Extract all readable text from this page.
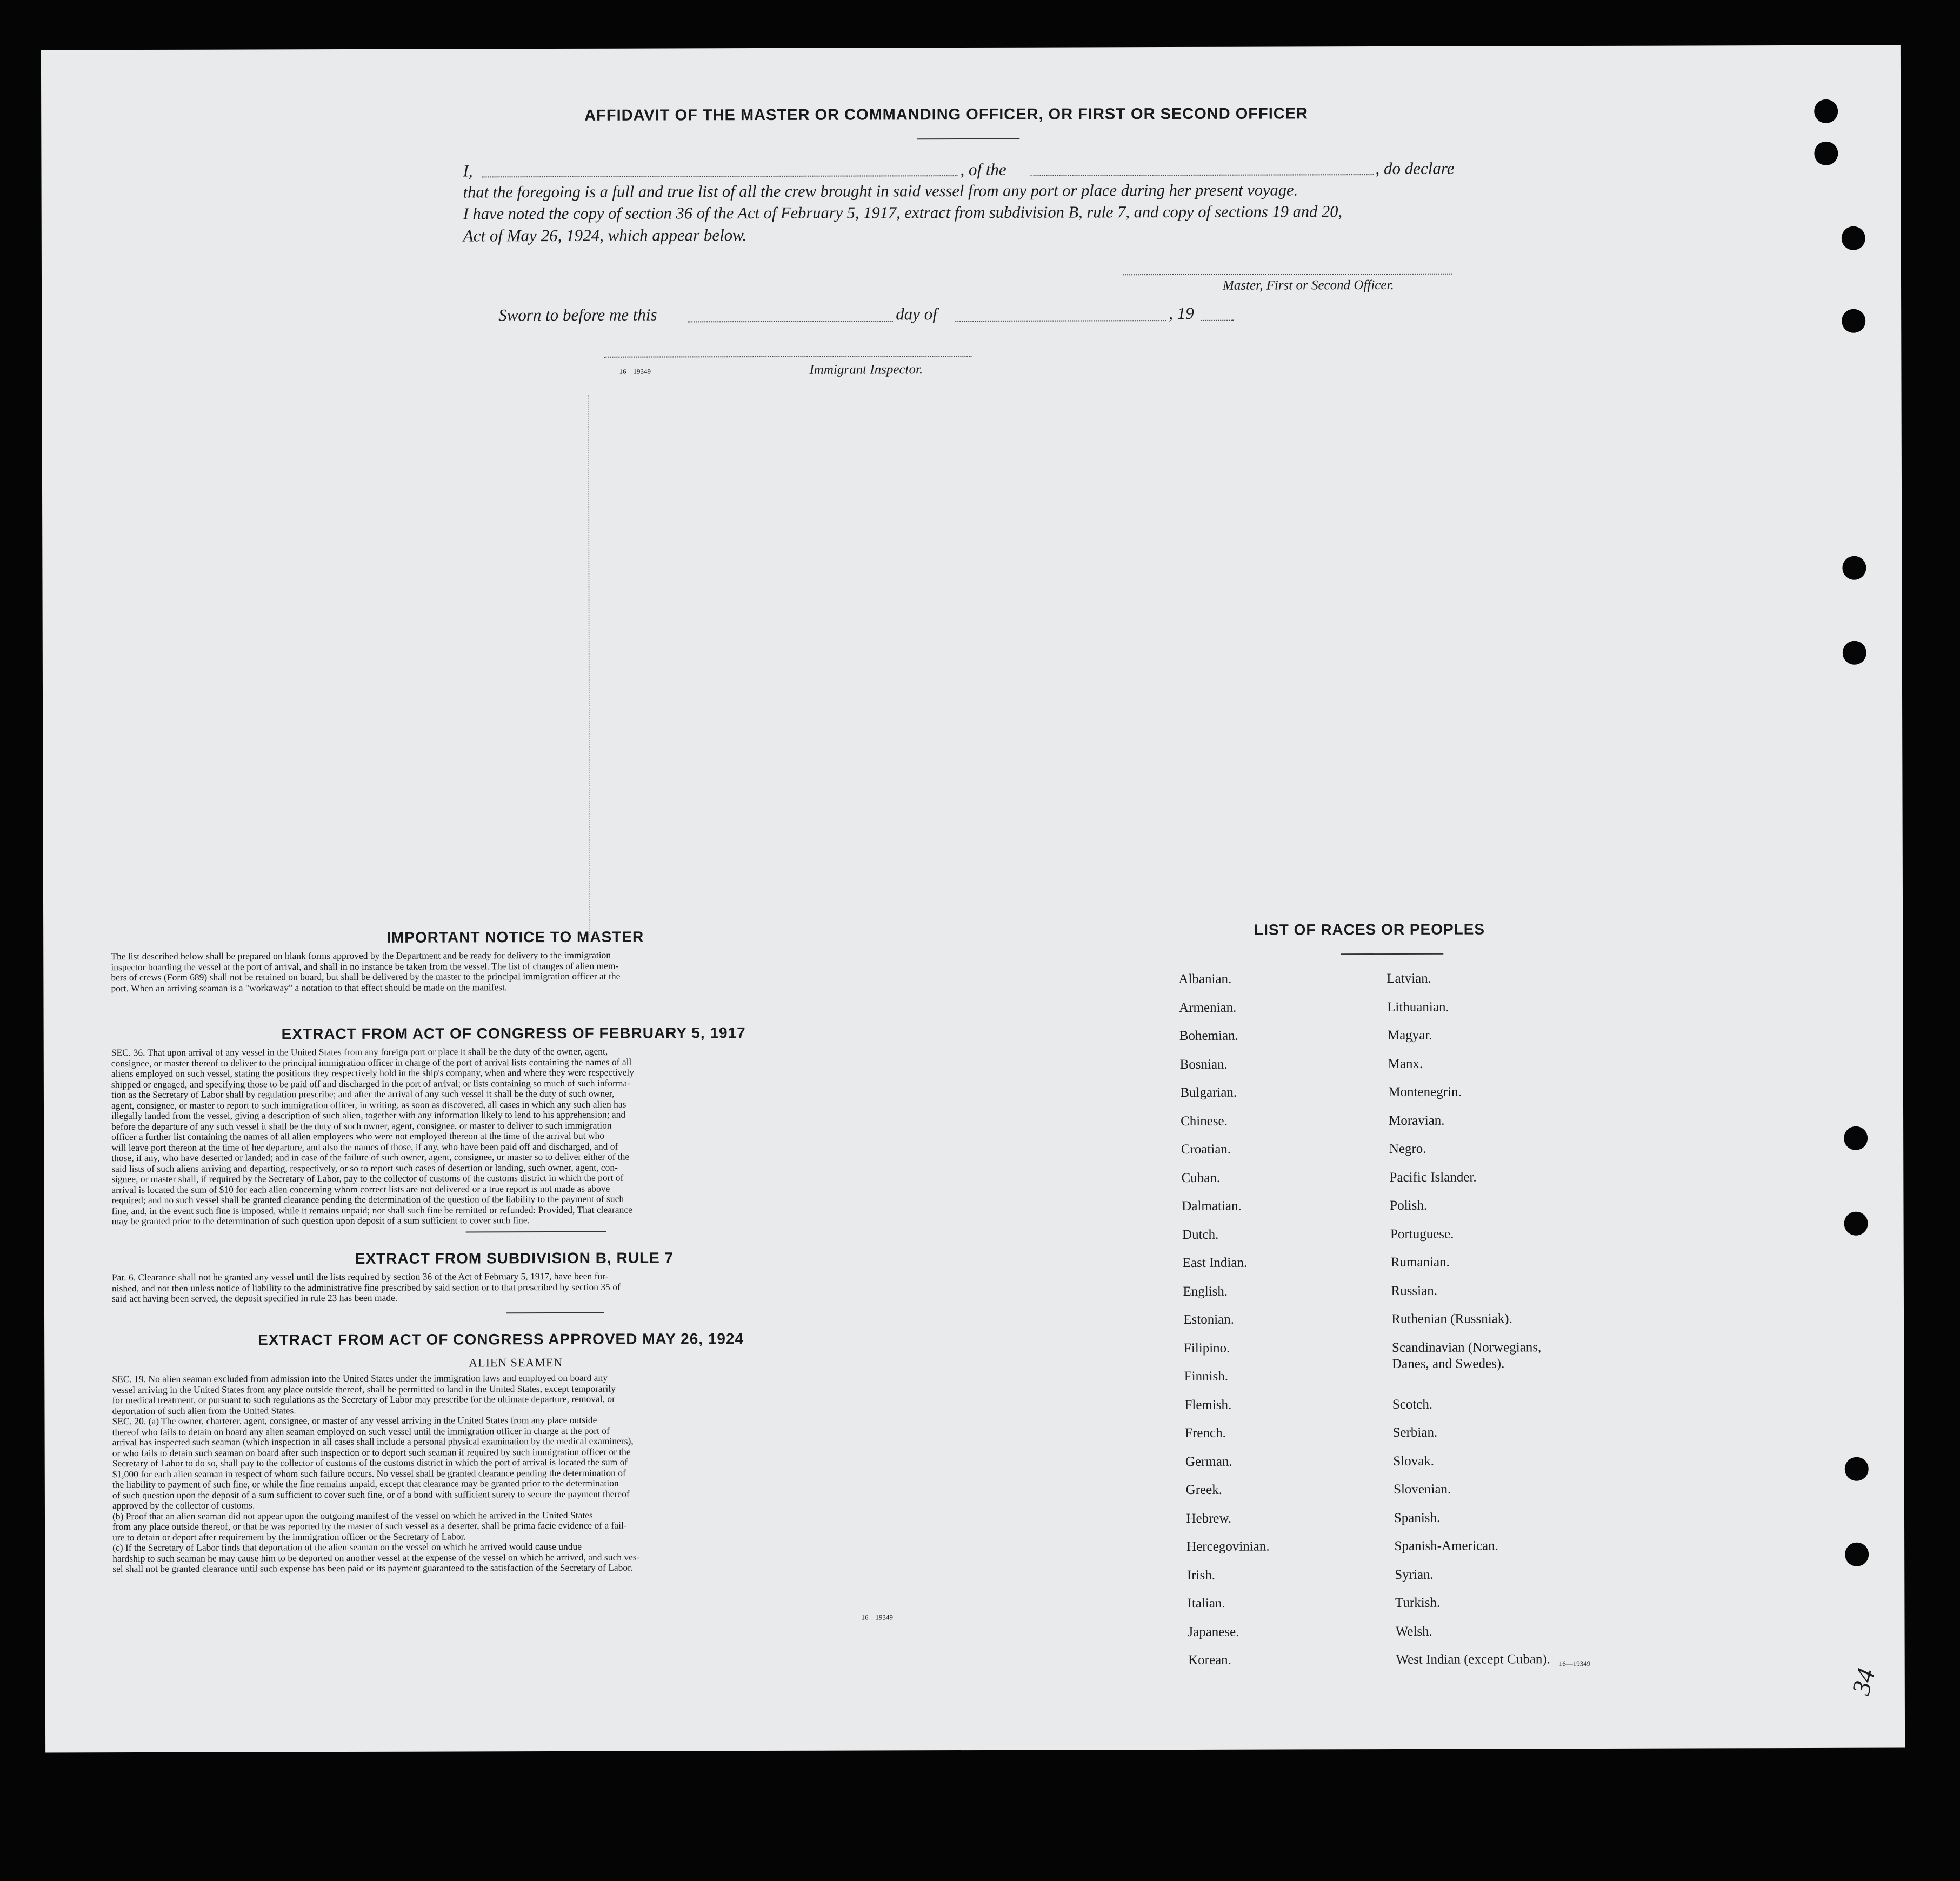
AFFIDAVIT OF THE MASTER OR COMMANDING OFFICER, OR FIRST OR SECOND OFFICER
I,	, of the	, do declare
that the foregoing is a full and true list of all the crew brought in said vessel from any port or place during her present voyage.
I have noted the copy of section 36 of the Act of February 5, 1917, extract from subdivision B, rule 7, and copy of sections 19 and 20,
Act of May 26, 1924, which appear below.
Master, First or Second Officer.
Sworn to before me this	day of	, 19
16—19349	Immigrant Inspector.
IMPORTANT NOTICE TO MASTER
The list described below shall be prepared on blank forms approved by the Department and be ready for delivery to the immigration
inspector boarding the vessel at the port of arrival, and shall in no instance be taken from the vessel. The list of changes of alien mem-
bers of crews (Form 689) shall not be retained on board, but shall be delivered by the master to the principal immigration officer at the
port. When an arriving seaman is a "workaway" a notation to that effect should be made on the manifest.
EXTRACT FROM ACT OF CONGRESS OF FEBRUARY 5, 1917
SEC. 36. That upon arrival of any vessel in the United States from any foreign port or place it shall be the duty of the owner, agent,
consignee, or master thereof to deliver to the principal immigration officer in charge of the port of arrival lists containing the names of all
aliens employed on such vessel, stating the positions they respectively hold in the ship's company, when and where they were respectively
shipped or engaged, and specifying those to be paid off and discharged in the port of arrival; or lists containing so much of such informa-
tion as the Secretary of Labor shall by regulation prescribe; and after the arrival of any such vessel it shall be the duty of such owner,
agent, consignee, or master to report to such immigration officer, in writing, as soon as discovered, all cases in which any such alien has
illegally landed from the vessel, giving a description of such alien, together with any information likely to lend to his apprehension; and
before the departure of any such vessel it shall be the duty of such owner, agent, consignee, or master to deliver to such immigration
officer a further list containing the names of all alien employees who were not employed thereon at the time of the arrival but who
will leave port thereon at the time of her departure, and also the names of those, if any, who have been paid off and discharged, and of
those, if any, who have deserted or landed; and in case of the failure of such owner, agent, consignee, or master so to deliver either of the
said lists of such aliens arriving and departing, respectively, or so to report such cases of desertion or landing, such owner, agent, con-
signee, or master shall, if required by the Secretary of Labor, pay to the collector of customs of the customs district in which the port of
arrival is located the sum of $10 for each alien concerning whom correct lists are not delivered or a true report is not made as above
required; and no such vessel shall be granted clearance pending the determination of the question of the liability to the payment of such
fine, and, in the event such fine is imposed, while it remains unpaid; nor shall such fine be remitted or refunded: Provided, That clearance
may be granted prior to the determination of such question upon deposit of a sum sufficient to cover such fine.
EXTRACT FROM SUBDIVISION B, RULE 7
Par. 6. Clearance shall not be granted any vessel until the lists required by section 36 of the Act of February 5, 1917, have been fur-
nished, and not then unless notice of liability to the administrative fine prescribed by said section or to that prescribed by section 35 of
said act having been served, the deposit specified in rule 23 has been made.
EXTRACT FROM ACT OF CONGRESS APPROVED MAY 26, 1924
ALIEN SEAMEN
SEC. 19. No alien seaman excluded from admission into the United States under the immigration laws and employed on board any
vessel arriving in the United States from any place outside thereof, shall be permitted to land in the United States, except temporarily
for medical treatment, or pursuant to such regulations as the Secretary of Labor may prescribe for the ultimate departure, removal, or
deportation of such alien from the United States.
SEC. 20. (a) The owner, charterer, agent, consignee, or master of any vessel arriving in the United States from any place outside
thereof who fails to detain on board any alien seaman employed on such vessel until the immigration officer in charge at the port of
arrival has inspected such seaman (which inspection in all cases shall include a personal physical examination by the medical examiners),
or who fails to detain such seaman on board after such inspection or to deport such seaman if required by such immigration officer or the
Secretary of Labor to do so, shall pay to the collector of customs of the customs district in which the port of arrival is located the sum of
$1,000 for each alien seaman in respect of whom such failure occurs. No vessel shall be granted clearance pending the determination of
the liability to payment of such fine, or while the fine remains unpaid, except that clearance may be granted prior to the determination
of such question upon the deposit of a sum sufficient to cover such fine, or of a bond with sufficient surety to secure the payment thereof
approved by the collector of customs.
(b) Proof that an alien seaman did not appear upon the outgoing manifest of the vessel on which he arrived in the United States
from any place outside thereof, or that he was reported by the master of such vessel as a deserter, shall be prima facie evidence of a fail-
ure to detain or deport after requirement by the immigration officer or the Secretary of Labor.
(c) If the Secretary of Labor finds that deportation of the alien seaman on the vessel on which he arrived would cause undue
hardship to such seaman he may cause him to be deported on another vessel at the expense of the vessel on which he arrived, and such ves-
sel shall not be granted clearance until such expense has been paid or its payment guaranteed to the satisfaction of the Secretary of Labor.
16—19349
LIST OF RACES OR PEOPLES
16—19349
34
Albanian.
Armenian.
Bohemian.
Bosnian.
Bulgarian.
Chinese.
Croatian.
Cuban.
Dalmatian.
Dutch.
East Indian.
English.
Estonian.
Filipino.
Finnish.
Flemish.
French.
German.
Greek.
Hebrew.
Hercegovinian.
Irish.
Italian.
Japanese.
Korean.
Latvian.
Lithuanian.
Magyar.
Manx.
Montenegrin.
Moravian.
Negro.
Pacific Islander.
Polish.
Portuguese.
Rumanian.
Russian.
Ruthenian (Russniak).
Scandinavian (Norwegians,
Danes, and Swedes).
Scotch.
Serbian.
Slovak.
Slovenian.
Spanish.
Spanish-American.
Syrian.
Turkish.
Welsh.
West Indian (except Cuban).
